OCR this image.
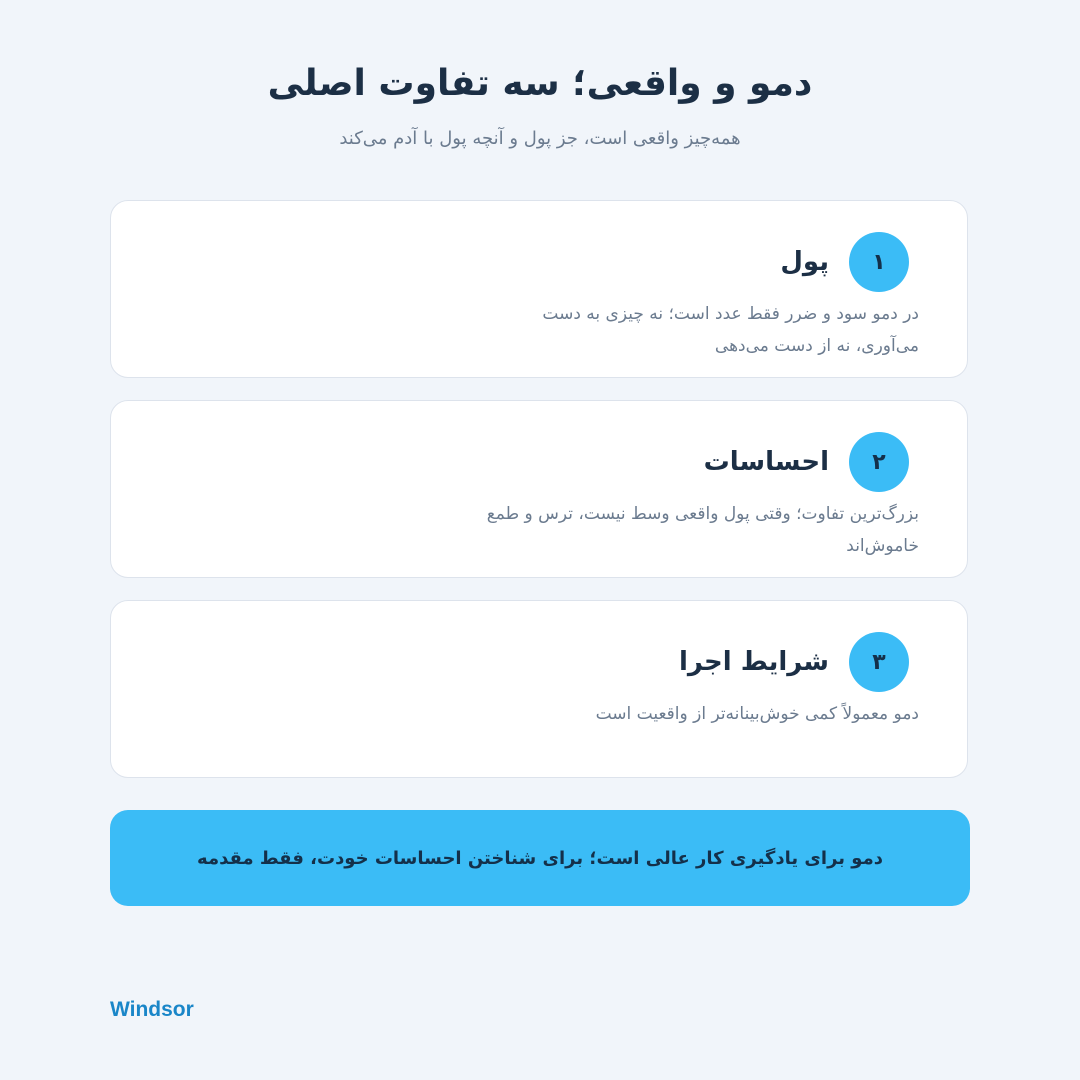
دمو و واقعی؛ سه تفاوت اصلی
همه‌چیز واقعی است، جز پول و آنچه پول با آدم می‌کند
۱
پول
در دمو سود و ضرر فقط عدد است؛ نه چیزی به دست می‌آوری، نه از دست می‌دهی
۲
احساسات
بزرگ‌ترین تفاوت؛ وقتی پول واقعی وسط نیست، ترس و طمع خاموش‌اند
۳
شرایط اجرا
دمو معمولاً کمی خوش‌بینانه‌تر از واقعیت است
دمو برای یادگیری کار عالی است؛ برای شناختن احساسات خودت، فقط مقدمه
Windsor
